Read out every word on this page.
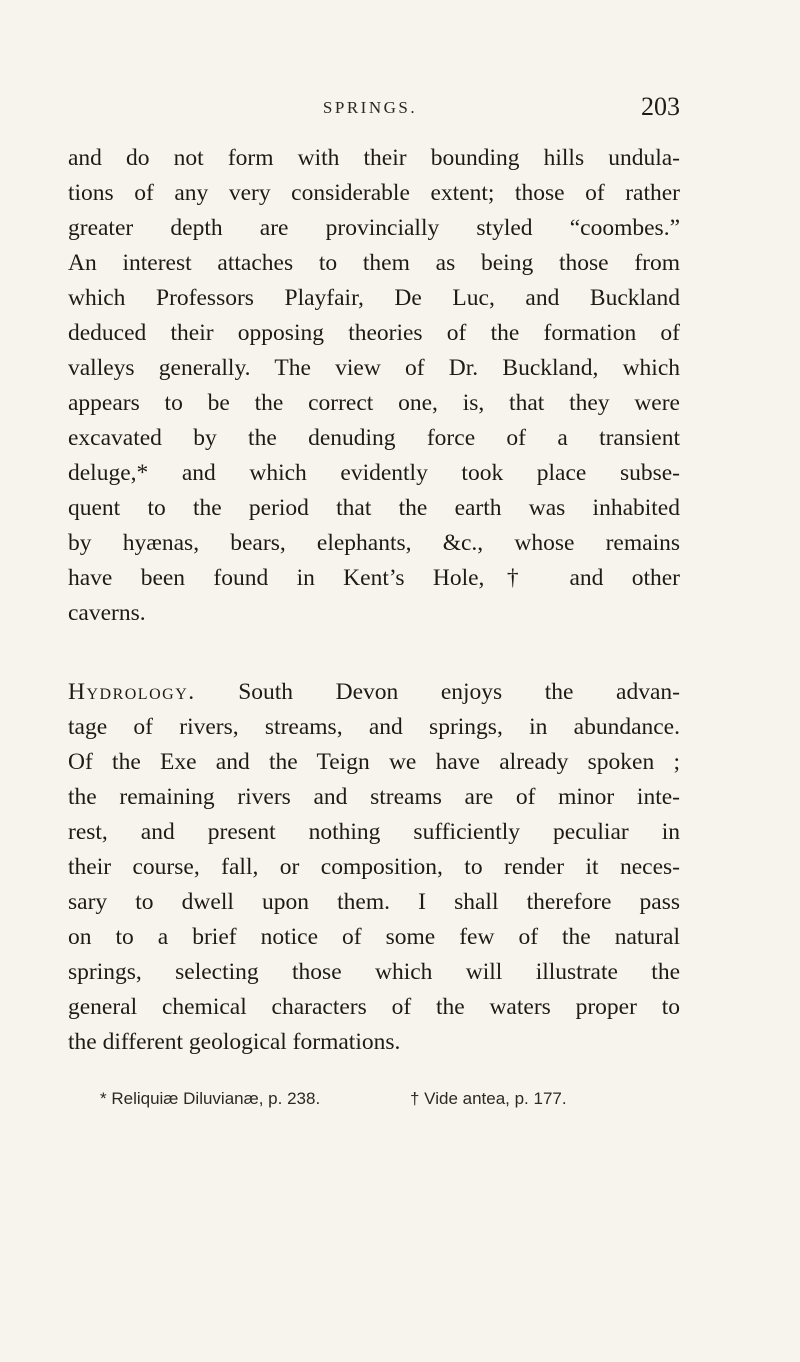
SPRINGS.	203
and do not form with their bounding hills undula-
tions of any very considerable extent; those of rather
greater depth are provincially styled “coombes.”
An interest attaches to them as being those from
which Professors Playfair, De Luc, and Buckland
deduced their opposing theories of the formation of
valleys generally. The view of Dr. Buckland, which
appears to be the correct one, is, that they were
excavated by the denuding force of a transient
deluge,* and which evidently took place subse-
quent to the period that the earth was inhabited
by hyænas, bears, elephants, &c., whose remains
have been found in Kent’s Hole,† and other
caverns.
Hydrology. South Devon enjoys the advan-
tage of rivers, streams, and springs, in abundance.
Of the Exe and the Teign we have already spoken ;
the remaining rivers and streams are of minor inte-
rest, and present nothing sufficiently peculiar in
their course, fall, or composition, to render it neces-
sary to dwell upon them. I shall therefore pass
on to a brief notice of some few of the natural
springs, selecting those which will illustrate the
general chemical characters of the waters proper to
the different geological formations.
* Reliquiæ Diluvianæ, p. 238.	† Vide antea, p. 177.
